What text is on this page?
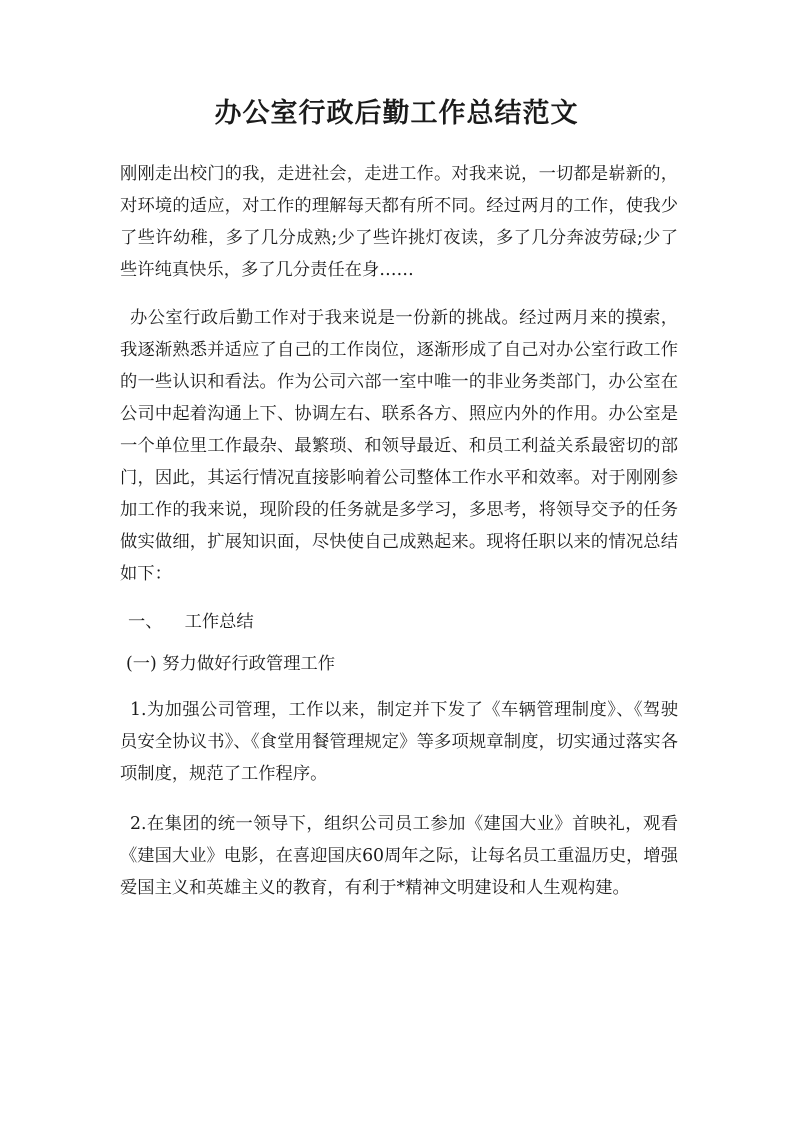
办公室行政后勤工作总结范文

刚刚走出校门的我，走进社会，走进工作。对我来说，一切都是崭新的，对环境的适应，对工作的理解每天都有所不同。经过两月的工作，使我少了些许幼稚，多了几分成熟;少了些许挑灯夜读，多了几分奔波劳碌;少了些许纯真快乐，多了几分责任在身……

办公室行政后勤工作对于我来说是一份新的挑战。经过两月来的摸索，我逐渐熟悉并适应了自己的工作岗位，逐渐形成了自己对办公室行政工作的一些认识和看法。作为公司六部一室中唯一的非业务类部门，办公室在公司中起着沟通上下、协调左右、联系各方、照应内外的作用。办公室是一个单位里工作最杂、最繁琐、和领导最近、和员工利益关系最密切的部门，因此，其运行情况直接影响着公司整体工作水平和效率。对于刚刚参加工作的我来说，现阶段的任务就是多学习，多思考，将领导交予的任务做实做细，扩展知识面，尽快使自己成熟起来。现将任职以来的情况总结如下：

一、 工作总结

(一) 努力做好行政管理工作

1.为加强公司管理，工作以来，制定并下发了《车辆管理制度》、《驾驶员安全协议书》、《食堂用餐管理规定》等多项规章制度，切实通过落实各项制度，规范了工作程序。

2.在集团的统一领导下，组织公司员工参加《建国大业》首映礼，观看《建国大业》电影，在喜迎国庆60周年之际，让每名员工重温历史，增强爱国主义和英雄主义的教育，有利于*精神文明建设和人生观构建。
